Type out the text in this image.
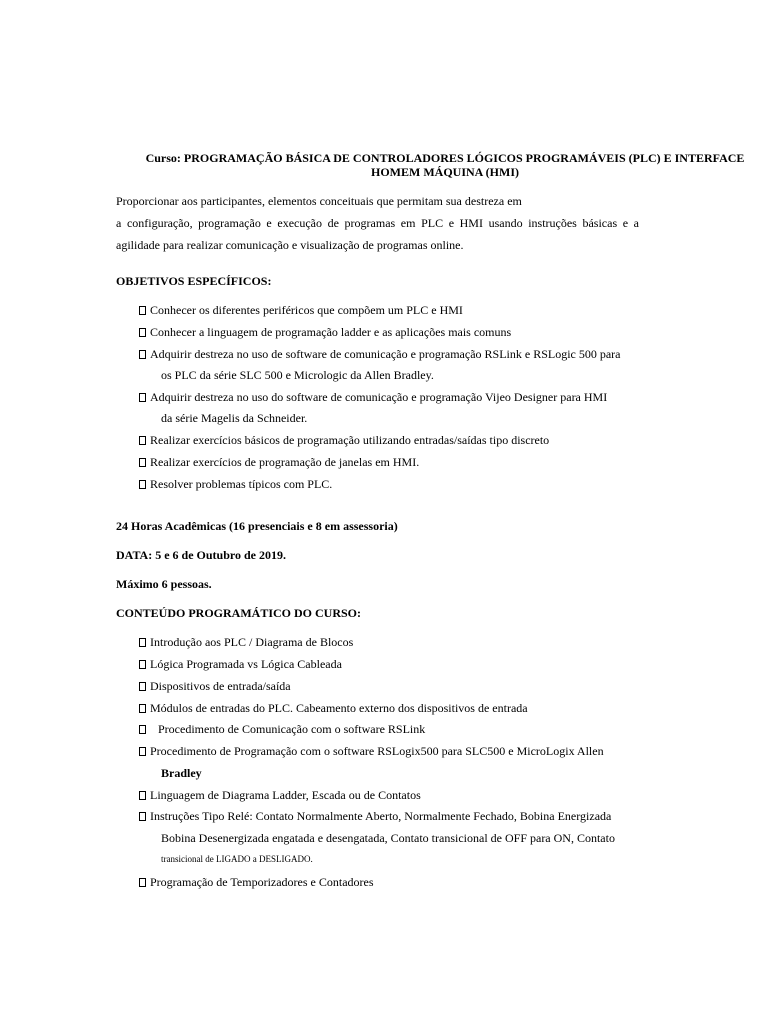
Curso: PROGRAMAÇÃO BÁSICA DE CONTROLADORES LÓGICOS PROGRAMÁVEIS (PLC) E INTERFACE
HOMEM MÁQUINA (HMI)
Proporcionar aos participantes, elementos conceituais que permitam sua destreza em
a configuração, programação e execução de programas em PLC e HMI usando instruções básicas e a
agilidade para realizar comunicação e visualização de programas online.
OBJETIVOS ESPECÍFICOS:
Conhecer os diferentes periféricos que compõem um PLC e HMI
Conhecer a linguagem de programação ladder e as aplicações mais comuns
Adquirir destreza no uso de software de comunicação e programação RSLink e RSLogic 500 para
os PLC da série SLC 500 e Micrologic da Allen Bradley.
Adquirir destreza no uso do software de comunicação e programação Vijeo Designer para HMI
da série Magelis da Schneider.
Realizar exercícios básicos de programação utilizando entradas/saídas tipo discreto
Realizar exercícios de programação de janelas em HMI.
Resolver problemas típicos com PLC.
24 Horas Acadêmicas (16 presenciais e 8 em assessoria)
DATA: 5 e 6 de Outubro de 2019.
Máximo 6 pessoas.
CONTEÚDO PROGRAMÁTICO DO CURSO:
Introdução aos PLC / Diagrama de Blocos
Lógica Programada vs Lógica Cableada
Dispositivos de entrada/saída
Módulos de entradas do PLC. Cabeamento externo dos dispositivos de entrada
Procedimento de Comunicação com o software RSLink
Procedimento de Programação com o software RSLogix500 para SLC500 e MicroLogix Allen
Bradley
Linguagem de Diagrama Ladder, Escada ou de Contatos
Instruções Tipo Relé: Contato Normalmente Aberto, Normalmente Fechado, Bobina Energizada
Bobina Desenergizada engatada e desengatada, Contato transicional de OFF para ON, Contato
transicional de LIGADO a DESLIGADO.
Programação de Temporizadores e Contadores
